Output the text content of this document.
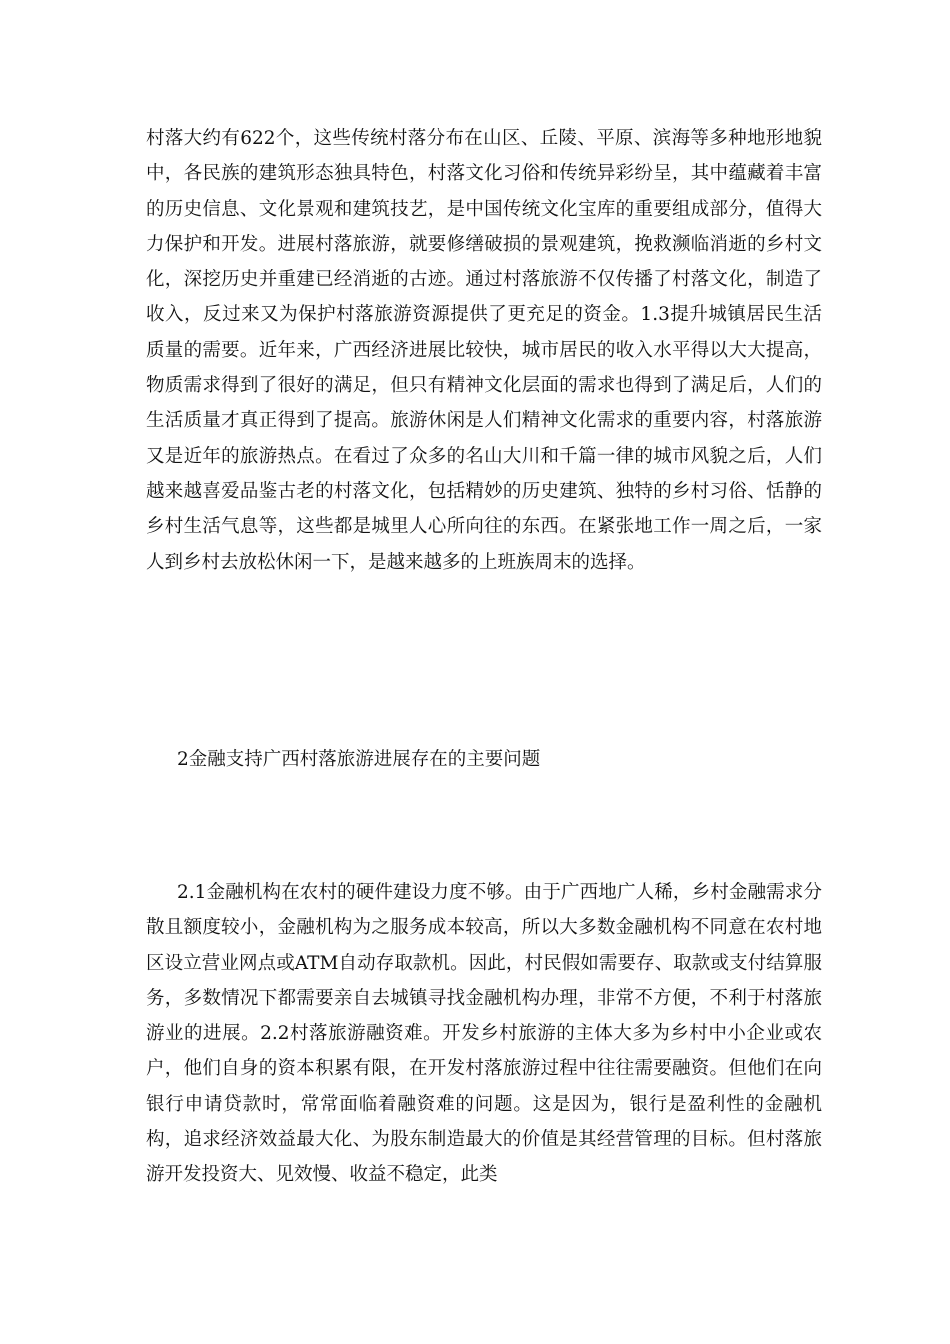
村落大约有622个，这些传统村落分布在山区、丘陵、平原、滨海等多种地形地貌中，各民族的建筑形态独具特色，村落文化习俗和传统异彩纷呈，其中蕴藏着丰富的历史信息、文化景观和建筑技艺，是中国传统文化宝库的重要组成部分，值得大力保护和开发。进展村落旅游，就要修缮破损的景观建筑，挽救濒临消逝的乡村文化，深挖历史并重建已经消逝的古迹。通过村落旅游不仅传播了村落文化，制造了收入，反过来又为保护村落旅游资源提供了更充足的资金。1.3提升城镇居民生活质量的需要。近年来，广西经济进展比较快，城市居民的收入水平得以大大提高，物质需求得到了很好的满足，但只有精神文化层面的需求也得到了满足后，人们的生活质量才真正得到了提高。旅游休闲是人们精神文化需求的重要内容，村落旅游又是近年的旅游热点。在看过了众多的名山大川和千篇一律的城市风貌之后，人们越来越喜爱品鉴古老的村落文化，包括精妙的历史建筑、独特的乡村习俗、恬静的乡村生活气息等，这些都是城里人心所向往的东西。在紧张地工作一周之后，一家人到乡村去放松休闲一下，是越来越多的上班族周末的选择。

2金融支持广西村落旅游进展存在的主要问题

2.1金融机构在农村的硬件建设力度不够。由于广西地广人稀，乡村金融需求分散且额度较小，金融机构为之服务成本较高，所以大多数金融机构不同意在农村地区设立营业网点或ATM自动存取款机。因此，村民假如需要存、取款或支付结算服务，多数情况下都需要亲自去城镇寻找金融机构办理，非常不方便，不利于村落旅游业的进展。2.2村落旅游融资难。开发乡村旅游的主体大多为乡村中小企业或农户，他们自身的资本积累有限，在开发村落旅游过程中往往需要融资。但他们在向银行申请贷款时，常常面临着融资难的问题。这是因为，银行是盈利性的金融机构，追求经济效益最大化、为股东制造最大的价值是其经营管理的目标。但村落旅游开发投资大、见效慢、收益不稳定，此类
